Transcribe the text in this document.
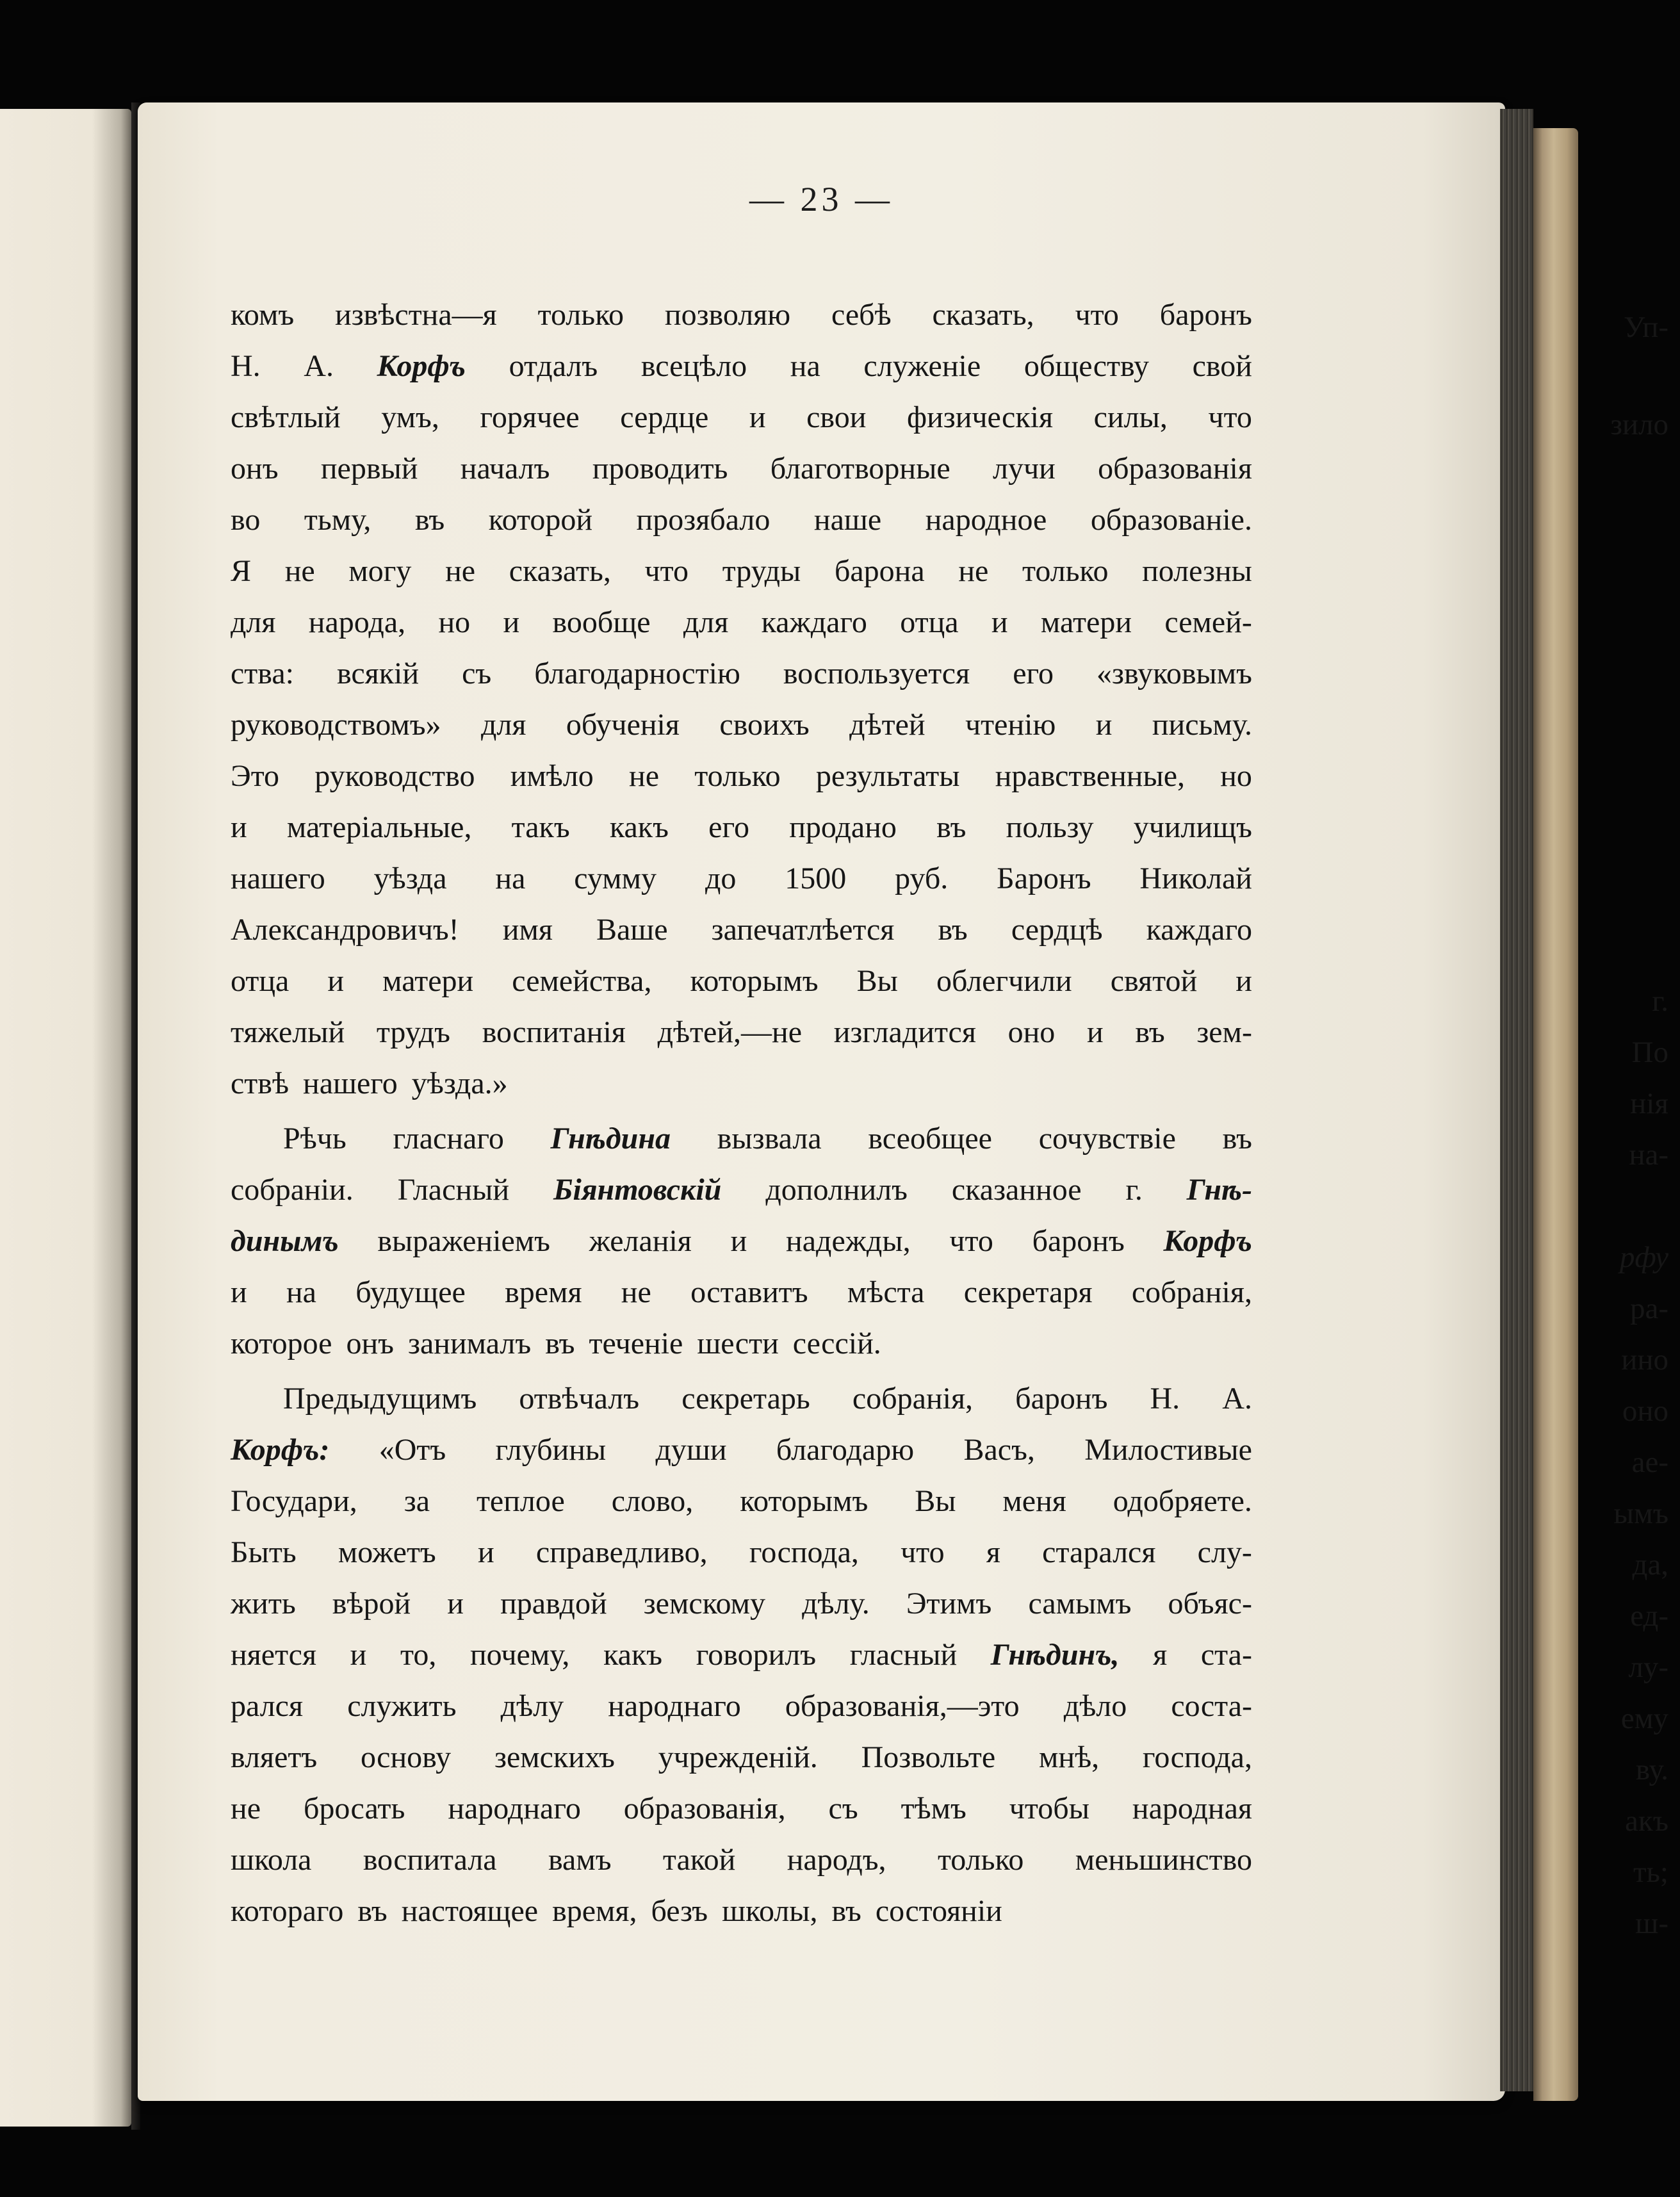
Уп-
зило
г.
По
нія
на-
рфу
ра-
ино
оно
ае-
ымъ
да,
ед-
лу-
ему
ву.
акъ
ть;
ш-
— 23 —
комъ извѣстна—я только позволяю себѣ сказать, что баронъ
Н. А. Корфъ отдалъ всецѣло на служеніе обществу свой
свѣтлый умъ, горячее сердце и свои физическія силы, что
онъ первый началъ проводить благотворные лучи образованія
во тьму, въ которой прозябало наше народное образованіе.
Я не могу не сказать, что труды барона не только полезны
для народа, но и вообще для каждаго отца и матери семей-
ства: всякій съ благодарностію воспользуется его «звуковымъ
руководствомъ» для обученія своихъ дѣтей чтенію и письму.
Это руководство имѣло не только результаты нравственные, но
и матеріальные, такъ какъ его продано въ пользу училищъ
нашего уѣзда на сумму до 1500 руб. Баронъ Николай
Александровичъ! имя Ваше запечатлѣется въ сердцѣ каждаго
отца и матери семейства, которымъ Вы облегчили святой и
тяжелый трудъ воспитанія дѣтей,—не изгладится оно и въ зем-
ствѣ нашего уѣзда.»
Рѣчь гласнаго Гнѣдина вызвала всеобщее сочувствіе въ
собраніи. Гласный Біянтовскій дополнилъ сказанное г. Гнѣ-
динымъ выраженіемъ желанія и надежды, что баронъ Корфъ
и на будущее время не оставитъ мѣста секретаря собранія,
которое онъ занималъ въ теченіе шести сессій.
Предыдущимъ отвѣчалъ секретарь собранія, баронъ Н. А.
Корфъ: «Отъ глубины души благодарю Васъ, Милостивые
Государи, за теплое слово, которымъ Вы меня одобряете.
Быть можетъ и справедливо, господа, что я старался слу-
жить вѣрой и правдой земскому дѣлу. Этимъ самымъ объяс-
няется и то, почему, какъ говорилъ гласный Гнѣдинъ, я ста-
рался служить дѣлу народнаго образованія,—это дѣло соста-
вляетъ основу земскихъ учрежденій. Позвольте мнѣ, господа,
не бросать народнаго образованія, съ тѣмъ чтобы народная
школа воспитала вамъ такой народъ, только меньшинство
котораго въ настоящее время, безъ школы, въ состояніи
